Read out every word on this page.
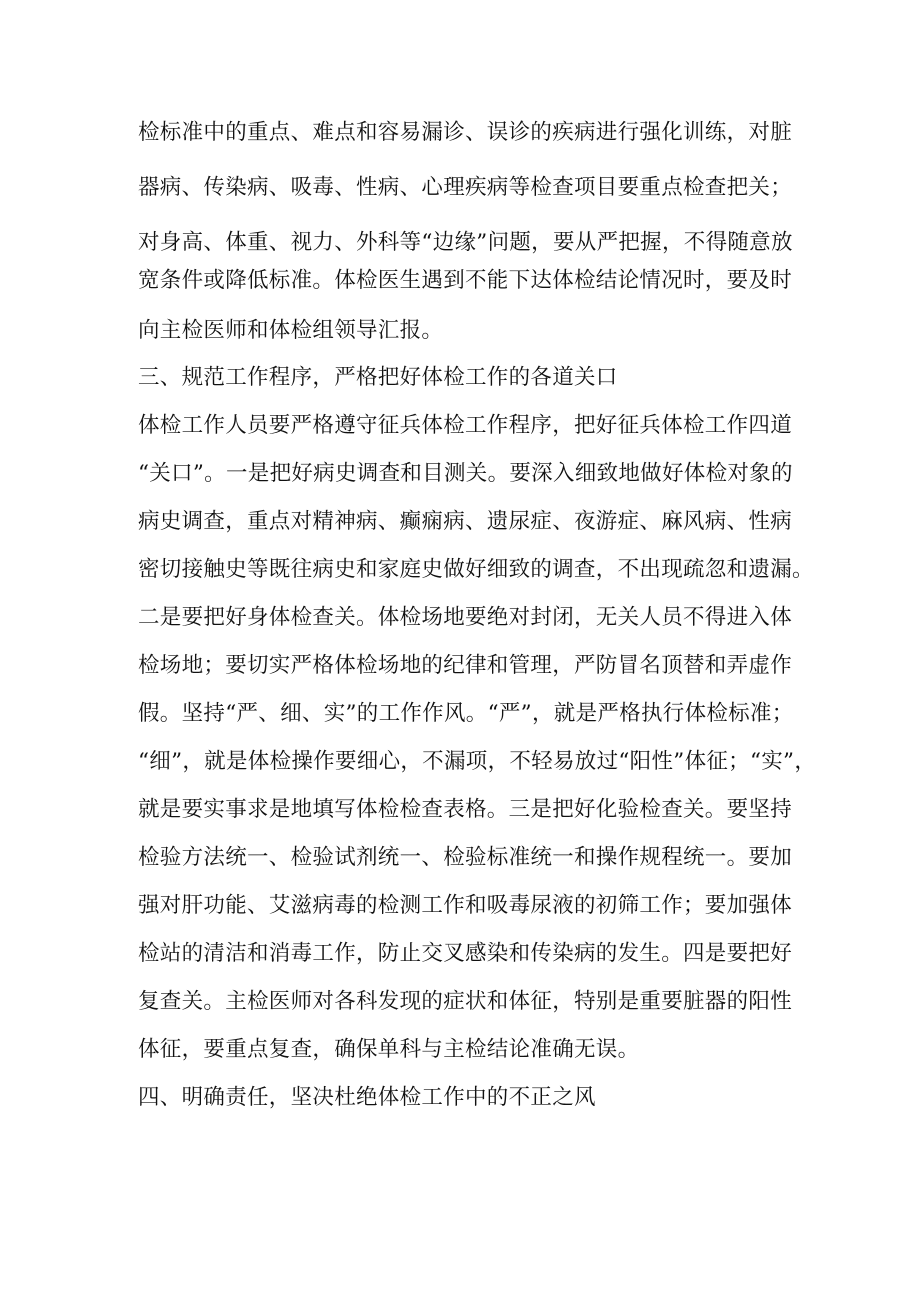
检标准中的重点、难点和容易漏诊、误诊的疾病进行强化训练，对脏
器病、传染病、吸毒、性病、心理疾病等检查项目要重点检查把关；
对身高、体重、视力、外科等“边缘”问题，要从严把握，不得随意放
宽条件或降低标准。体检医生遇到不能下达体检结论情况时，要及时
向主检医师和体检组领导汇报。
三、规范工作程序，严格把好体检工作的各道关口
体检工作人员要严格遵守征兵体检工作程序，把好征兵体检工作四道
“关口”。一是把好病史调查和目测关。要深入细致地做好体检对象的
病史调查，重点对精神病、癫痫病、遗尿症、夜游症、麻风病、性病
密切接触史等既往病史和家庭史做好细致的调查，不出现疏忽和遗漏。
二是要把好身体检查关。体检场地要绝对封闭，无关人员不得进入体
检场地；要切实严格体检场地的纪律和管理，严防冒名顶替和弄虚作
假。坚持“严、细、实”的工作作风。“严”，就是严格执行体检标准；
“细”，就是体检操作要细心，不漏项，不轻易放过“阳性”体征；“实”，
就是要实事求是地填写体检检查表格。三是把好化验检查关。要坚持
检验方法统一、检验试剂统一、检验标准统一和操作规程统一。要加
强对肝功能、艾滋病毒的检测工作和吸毒尿液的初筛工作；要加强体
检站的清洁和消毒工作，防止交叉感染和传染病的发生。四是要把好
复查关。主检医师对各科发现的症状和体征，特别是重要脏器的阳性
体征，要重点复查，确保单科与主检结论准确无误。
四、明确责任，坚决杜绝体检工作中的不正之风
